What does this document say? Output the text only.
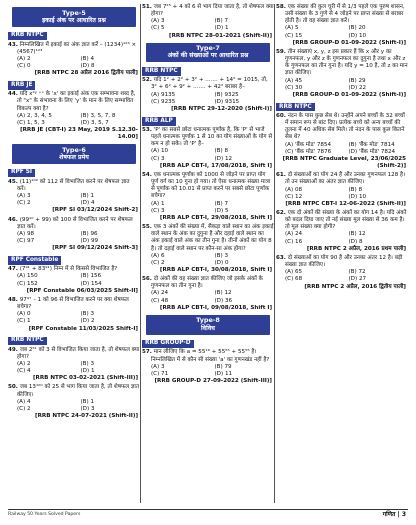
Type-5
इकाई अंक पर आधारित प्रश्न
RRB NTPC
43. निम्नलिखित में इकाई का अंक ज्ञात करें – (1234)¹²⁴ × (4567)¹²³
(A) 2	(B) 4
(C) 0	(D) 8
[RRB NTPC 28 अप्रैल 2016 द्वितीय पाली]
RRB JE
44. यदि x²ʸ ⁺ˣ के 'x' का इकाई अंक एक सम्भावना शब्द है, तो "x" के संभावना के लिए 'y' के मान के लिए सम्भावित विकल्प क्या है?
(A) 2, 3, 4, 5	(B) 3, 5, 7, 8
(C) 1, 5, 3	(D) 3, 5, 7
[RRB JE (CBT-I) 23 May, 2019 S.12.30-14.00]
Type-6
शेषफल प्रमेय
RPF SI
45. (11)¹⁰⁰ को 112 से विभाजित करने पर शेषफल ज्ञात करें।
(A) 3	(B) 1
(C) 2	(D) 4
[RPF SI 03/12/2024 Shift-2]
46. (99¹⁰ + 99) को 100 से विभाजित करने पर शेषफल ज्ञात करें।
(A) 98	(B) 96
(C) 97	(D) 99
[RPF SI 09/12/2024 Shift-3]
RPF Constable
47. (7⁹¹ + 83⁹¹) निम्न में से किससे विभाजित है?
(A) 150	(B) 156
(C) 152	(D) 154
[RPF Constable 06/03/2025 Shift-II]
48. 97⁹⁷ – 1 को 96 से विभाजित करने पर क्या शेषफल बचेगा?
(A) 0	(B) 3
(C) 1	(D) 2
[RPF Constable 11/03/2025 Shift-I]
RRB NTPC
49. जब 2⁵¹ को 3 से विभाजित किया जाता है, तो शेषफल क्या होगा?
(A) 2	(B) 3
(C) 4	(D) 1
[RRB NTPC 03-02-2021 (Shift-III)]
50. जब 13¹⁰⁰ को 25 से भाग किया जाता है, तो शेषफल ज्ञात कीजिए।
(A) 4	(B) 1
(C) 2	(D) 3
[RRB NTPC 24-07-2021 (Shift-II)]
51. जब 7²⁵ + 4 को 6 से भाग दिया जाता है, तो शेषफल क्या होगा?
(A) 3	(B) 7
(C) 5	(D) 1
[RRB NTPC 28-01-2021 (Shift-II)]
Type-7
अंकों की संख्याओं पर आधारित प्रश्न
RRB NTPC
52. यदि 1² + 2² + 3² + ....... + 14² = 1015, तो, 3² + 6² + 9² + ....... + 42² बराबर है–
(A) 9135	(B) 9325
(C) 9235	(D) 9315
[RRB NTPC 29-12-2020 (Shift-I)]
RRB ALP
53. 'P' का सबसे छोटा धनात्मक पूर्णांक है, कि 'P' से भाजे पहले धनात्मक पूर्णांक 1 से 10 का योग संख्याओं के योग से कम न हो सके। तो 'P' है–
(A) 10	(B) 8
(C) 3	(D) 12
[RRB ALP CBT-I, 17/08/2018, Shift I]
54. एक धनात्मक पूर्णांक को 1000 से जोड़ने पर प्राप्त योग पूर्ण वर्ग का 10 गुना हो गया। तो ऐसा धनात्मक संख्या मात्रा से पूर्णांक को 10.01 से प्राप्त करने पर सबसे छोटा पूर्णांक बचेगा?
(A) 1	(B) 7
(C) 3	(D) 5
[RRB ALP CBT-I, 29/08/2018, Shift I]
55. एक 3 अंकों की संख्या में, सैकड़ा वाले स्थान का अंक इकाई वाले स्थान के अंक का दुगुना है और दहाई वाले स्थान का अंक इकाई वाले अंक का तीन गुना है। तीनों अंकों का योग 8 है। तो दहाई वाले स्थान पर कौन-सा अंक होगा?
(A) 6	(B) 3
(C) 2	(D) 0
[RRB ALP CBT-I, 30/08/2018, Shift I]
56. दो अंकों की वह संख्या ज्ञात कीजिए जो इसके अंकों के गुणनफल का तीन गुना है।
(A) 24	(B) 12
(C) 48	(D) 36
[RRB ALP CBT-I, 09/08/2018, Shift I]
Type-8
विविध
RRB GROUP-D
57. मान लीजिए कि a = 55¹⁶ + 55⁵⁵ + 55⁵⁵ है। निम्नलिखित में से कौन सी संख्या 'a' का गुणनखंड नहीं है?
(A) 3	(B) 79
(C) 71	(D) 11
[RRB GROUP-D 27-09-2022 (Shift-III)]
58. एक संख्या की कुल चूरी में से 1/3 पहले एक पुरुष शासन, उसी संख्या के 3 गुणे से 4 जोड़ने पर प्राप्त संख्या से बराबर होती है। तो वह संख्या ज्ञात करें।
(A) 5	(B) 20
(C) 15	(D) 10
[RRB GROUP-D 01-09-2022 (Shift-I)]
59. तीन संख्याएं x, y, z इस प्रकार हैं कि x और y का गुणनफल, y और z के गुणनफल का दुगुना है तथा x और z के गुणनफल का तीन गुना है। यदि y = 10 है, तो z का मान ज्ञात कीजिए।
(A) 45	(B) 29
(C) 30	(D) 22
[RRB GROUP-D 01-09-2022 (Shift-I)]
RRB NTPC
60. नंदन के पास कुछ सेब थे। उन्होंने अपने बच्चों के 32 बच्चों में समान रूप से बांट दिए। प्रत्येक बच्चे को अन्य बच्चों की तुलना में 40 अधिक सेब मिले। तो नंदन के पास कुल कितने सेब थे?
(A) 'बैंक मोड' 7854	(B) 'बैंक मोड' 7814
(C) 'बैंक मोड' 7876	(D) 'बैंक मोड' 7824
[RRB NTPC Graduate Level, 23/06/2025 (Shift-2)]
61. दो संख्याओं का योग 24 है और उनका गुणनफल 128 है। तो उन संख्याओं का अंतर ज्ञात कीजिए।
(A) 08	(B) 8
(C) 12	(D) 10
[RRB NTPC CBT-I 12-06-2022 (Shift-II)]
62. एक दो अंकों की संख्या के अंकों का योग 14 है। यदि अंकों को बदल दिया जाए तो नई संख्या मूल संख्या से 36 कम है। तो मूल संख्या क्या होगी?
(A) 24	(B) 12
(C) 16	(D) 8
[RRB NTPC 2 अप्रैल, 2016 प्रथम पाली]
63. दो संख्याओं का योग 90 है और उनका अंतर 12 है। बड़ी संख्या ज्ञात कीजिए।
(A) 65	(B) 72
(C) 68	(D) 27
[RRB NTPC 2 अप्रैल, 2016 द्वितीय पाली]
Railway 50 Years Solved Papers	गणित | 3
